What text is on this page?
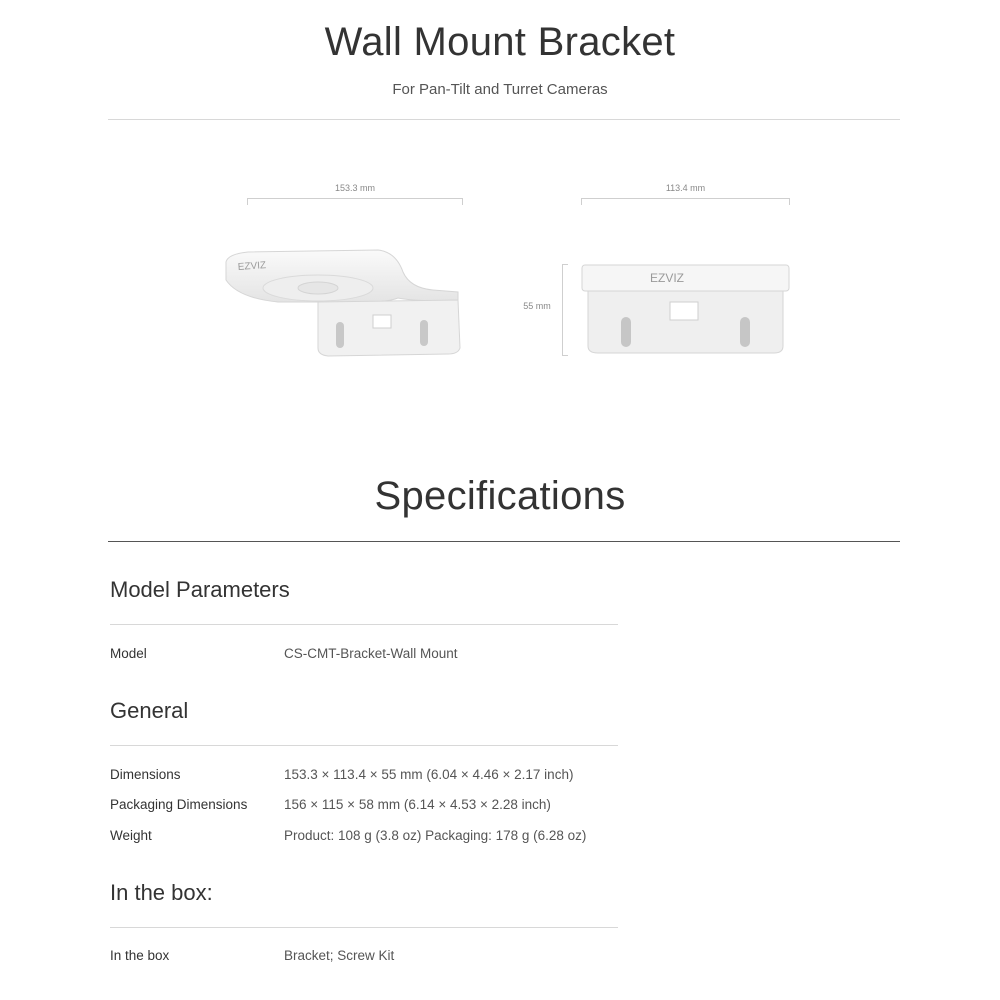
Wall Mount Bracket
For Pan-Tilt and Turret Cameras
153.3 mm
EZVIZ
113.4 mm
55 mm
EZVIZ
Specifications
Model Parameters
Model	CS-CMT-Bracket-Wall Mount
General
Dimensions	153.3 × 113.4 × 55 mm (6.04 × 4.46 × 2.17 inch)
Packaging Dimensions	156 × 115 × 58 mm (6.14 × 4.53 × 2.28 inch)
Weight	Product: 108 g (3.8 oz) Packaging: 178 g (6.28 oz)
In the box:
In the box	Bracket; Screw Kit
